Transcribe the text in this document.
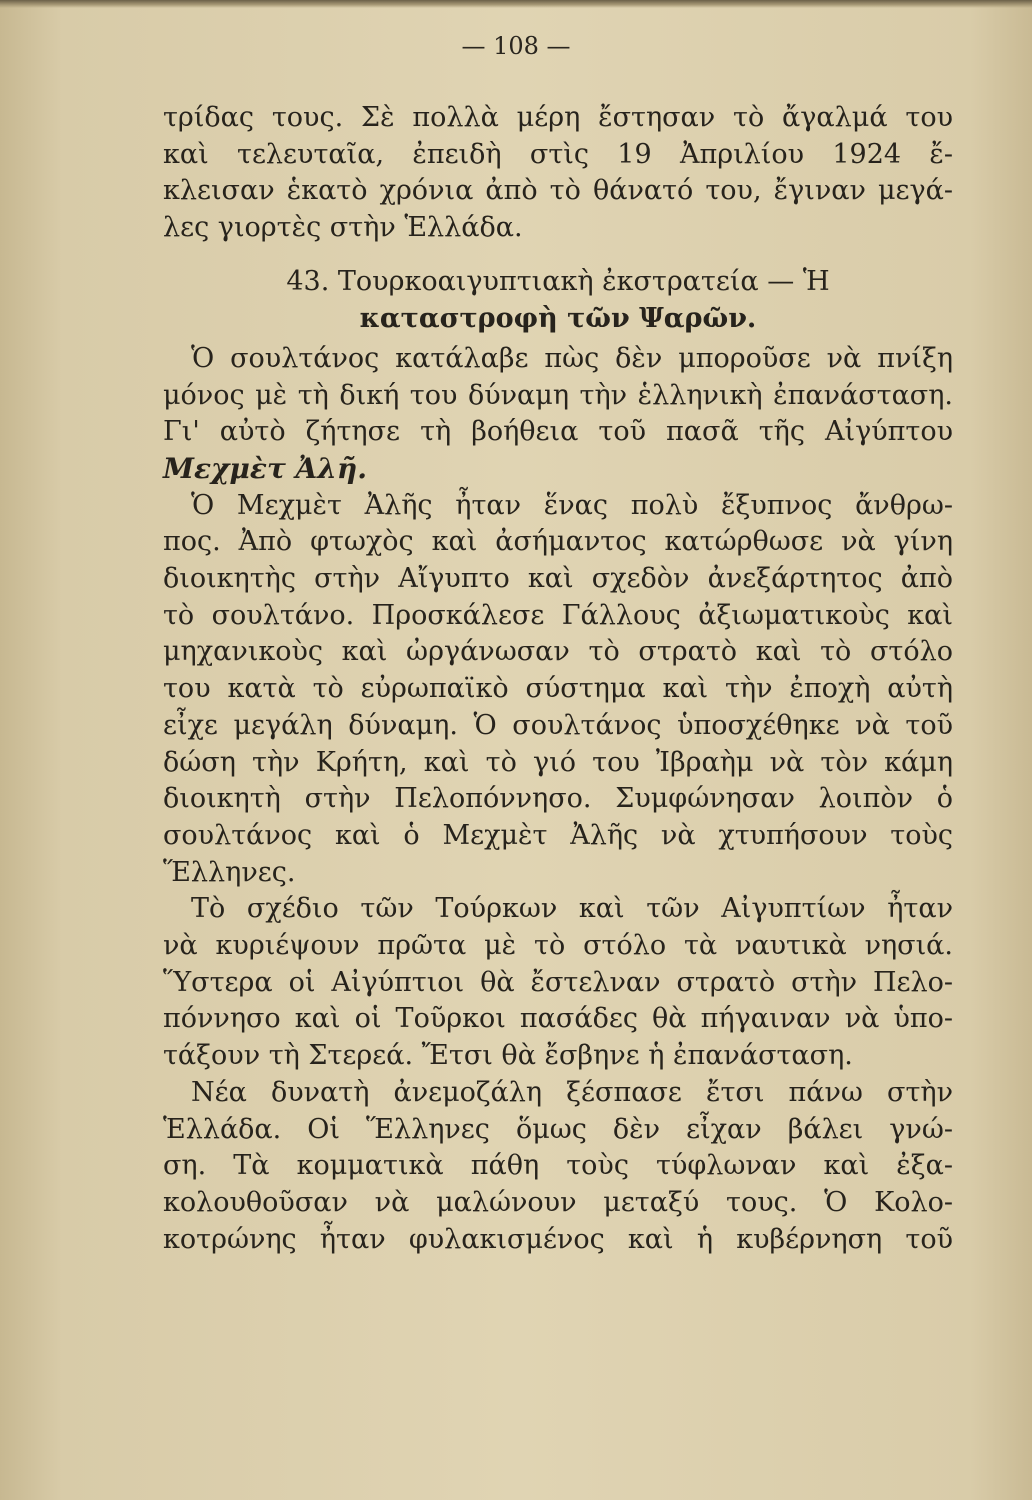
— 108 —

τρίδας τους. Σὲ πολλὰ μέρη ἔστησαν τὸ ἄγαλμά του
καὶ τελευταῖα, ἐπειδὴ στὶς 19 Ἀπριλίου 1924 ἔ-
κλεισαν ἑκατὸ χρόνια ἀπὸ τὸ θάνατό του, ἔγιναν μεγά-
λες γιορτὲς στὴν Ἑλλάδα.

43. Τουρκοαιγυπτιακὴ ἐκστρατεία — Ἡ
καταστροφὴ τῶν Ψαρῶν.

Ὁ σουλτάνος κατάλαβε πὼς δὲν μποροῦσε νὰ πνίξη
μόνος μὲ τὴ δική του δύναμη τὴν ἑλληνικὴ ἐπανάσταση.
Γι' αὐτὸ ζήτησε τὴ βοήθεια τοῦ πασᾶ τῆς Αἰγύπτου
Μεχμὲτ Ἀλῆ.

Ὁ Μεχμὲτ Ἀλῆς ἦταν ἕνας πολὺ ἔξυπνος ἄνθρω-
πος. Ἀπὸ φτωχὸς καὶ ἀσήμαντος κατώρθωσε νὰ γίνη
διοικητὴς στὴν Αἴγυπτο καὶ σχεδὸν ἀνεξάρτητος ἀπὸ
τὸ σουλτάνο. Προσκάλεσε Γάλλους ἀξιωματικοὺς καὶ
μηχανικοὺς καὶ ὠργάνωσαν τὸ στρατὸ καὶ τὸ στόλο
του κατὰ τὸ εὐρωπαϊκὸ σύστημα καὶ τὴν ἐποχὴ αὐτὴ
εἶχε μεγάλη δύναμη. Ὁ σουλτάνος ὑποσχέθηκε νὰ τοῦ
δώση τὴν Κρήτη, καὶ τὸ γιό του Ἰβραὴμ νὰ τὸν κάμη
διοικητὴ στὴν Πελοπόννησο. Συμφώνησαν λοιπὸν ὁ
σουλτάνος καὶ ὁ Μεχμὲτ Ἀλῆς νὰ χτυπήσουν τοὺς
Ἕλληνες.

Τὸ σχέδιο τῶν Τούρκων καὶ τῶν Αἰγυπτίων ἦταν
νὰ κυριέψουν πρῶτα μὲ τὸ στόλο τὰ ναυτικὰ νησιά.
Ὕστερα οἱ Αἰγύπτιοι θὰ ἔστελναν στρατὸ στὴν Πελο-
πόννησο καὶ οἱ Τοῦρκοι πασάδες θὰ πήγαιναν νὰ ὑπο-
τάξουν τὴ Στερεά. Ἔτσι θὰ ἔσβηνε ἡ ἐπανάσταση.

Νέα δυνατὴ ἀνεμοζάλη ξέσπασε ἔτσι πάνω στὴν
Ἑλλάδα. Οἱ Ἕλληνες ὅμως δὲν εἶχαν βάλει γνώ-
ση. Τὰ κομματικὰ πάθη τοὺς τύφλωναν καὶ ἐξα-
κολουθοῦσαν νὰ μαλώνουν μεταξύ τους. Ὁ Κολο-
κοτρώνης ἦταν φυλακισμένος καὶ ἡ κυβέρνηση τοῦ
